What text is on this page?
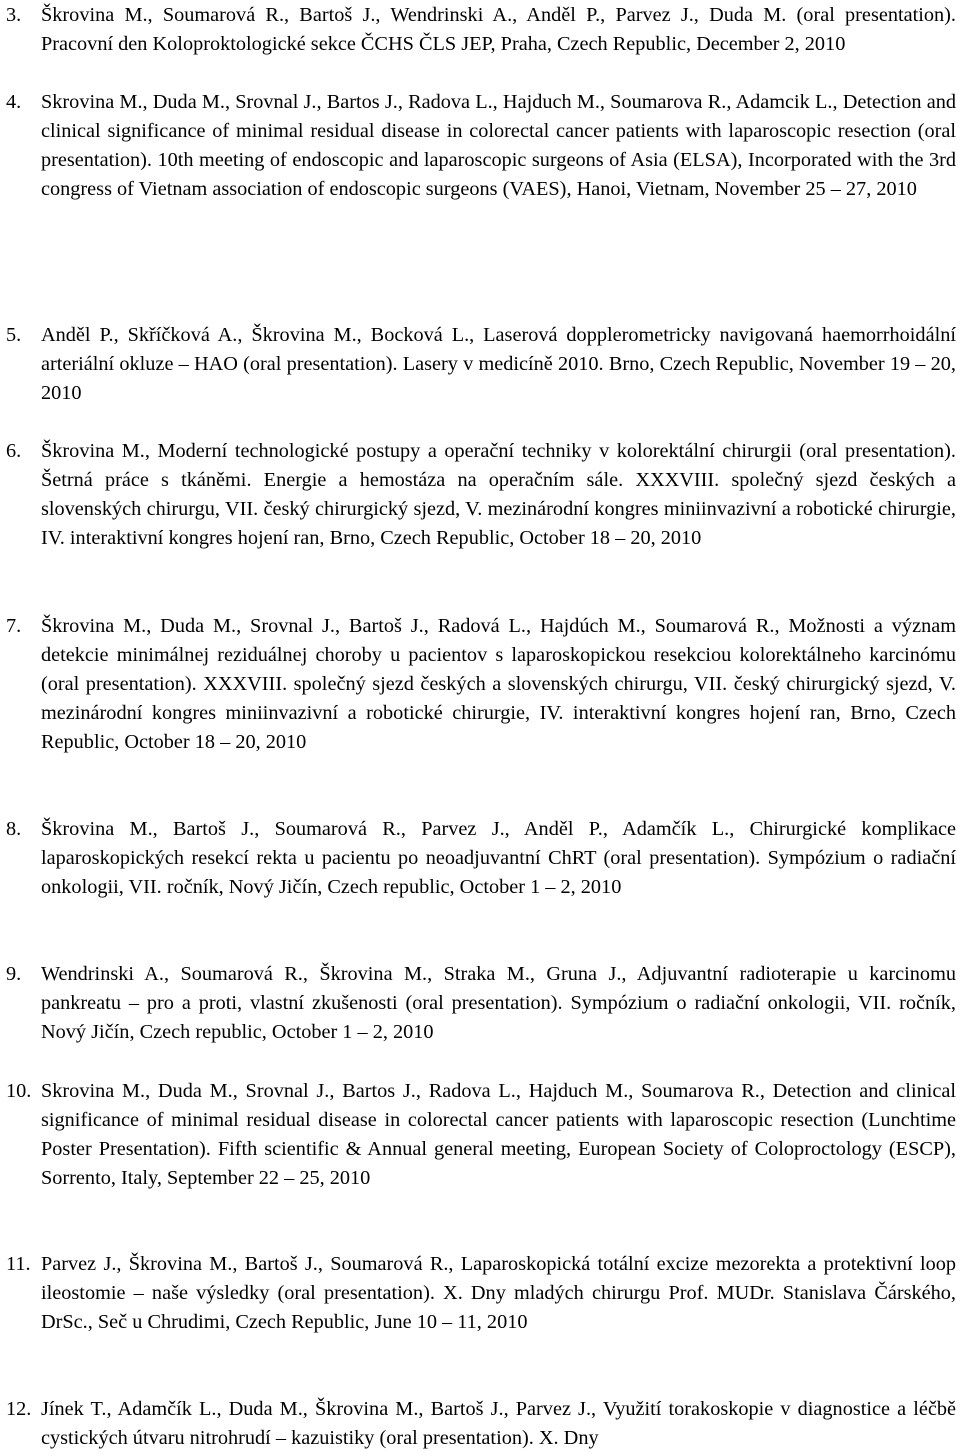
3. Škrovina M., Soumarová R., Bartoš J., Wendrinski A., Anděl P., Parvez J., Duda M. (oral presentation). Pracovní den Koloproktologické sekce ČCHS ČLS JEP, Praha, Czech Republic, December 2, 2010
4. Skrovina M., Duda M., Srovnal J., Bartos J., Radova L., Hajduch M., Soumarova R., Adamcik L., Detection and clinical significance of minimal residual disease in colorectal cancer patients with laparoscopic resection (oral presentation). 10th meeting of endoscopic and laparoscopic surgeons of Asia (ELSA), Incorporated with the 3rd congress of Vietnam association of endoscopic surgeons (VAES), Hanoi, Vietnam, November 25 – 27, 2010
5. Anděl P., Skříčková A., Škrovina M., Bocková L., Laserová dopplerometricky navigovaná haemorrhoidální arteriální okluze – HAO (oral presentation). Lasery v medicíně 2010. Brno, Czech Republic, November 19 – 20, 2010
6. Škrovina M., Moderní technologické postupy a operační techniky v kolorektální chirurgii (oral presentation). Šetrná práce s tkáněmi. Energie a hemostáza na operačním sále. XXXVIII. společný sjezd českých a slovenských chirurgu, VII. český chirurgický sjezd, V. mezinárodní kongres miniinvazivní a robotické chirurgie, IV. interaktivní kongres hojení ran, Brno, Czech Republic, October 18 – 20, 2010
7. Škrovina M., Duda M., Srovnal J., Bartoš J., Radová L., Hajdúch M., Soumarová R., Možnosti a význam detekcie minimálnej reziduálnej choroby u pacientov s laparoskopickou resekciou kolorektálneho karcinómu (oral presentation). XXXVIII. společný sjezd českých a slovenských chirurgu, VII. český chirurgický sjezd, V. mezinárodní kongres miniinvazivní a robotické chirurgie, IV. interaktivní kongres hojení ran, Brno, Czech Republic, October 18 – 20, 2010
8. Škrovina M., Bartoš J., Soumarová R., Parvez J., Anděl P., Adamčík L., Chirurgické komplikace laparoskopických resekcí rekta u pacientu po neoadjuvantní ChRT (oral presentation). Sympózium o radiační onkologii, VII. ročník, Nový Jičín, Czech republic, October 1 – 2, 2010
9. Wendrinski A., Soumarová R., Škrovina M., Straka M., Gruna J., Adjuvantní radioterapie u karcinomu pankreatu – pro a proti, vlastní zkušenosti (oral presentation). Sympózium o radiační onkologii, VII. ročník, Nový Jičín, Czech republic, October 1 – 2, 2010
10. Skrovina M., Duda M., Srovnal J., Bartos J., Radova L., Hajduch M., Soumarova R., Detection and clinical significance of minimal residual disease in colorectal cancer patients with laparoscopic resection (Lunchtime Poster Presentation). Fifth scientific & Annual general meeting, European Society of Coloproctology (ESCP), Sorrento, Italy, September 22 – 25, 2010
11. Parvez J., Škrovina M., Bartoš J., Soumarová R., Laparoskopická totální excize mezorekta a protektivní loop ileostomie – naše výsledky (oral presentation). X. Dny mladých chirurgu Prof. MUDr. Stanislava Čárského, DrSc., Seč u Chrudimi, Czech Republic, June 10 – 11, 2010
12. Jínek T., Adamčík L., Duda M., Škrovina M., Bartoš J., Parvez J., Využití torakoskopie v diagnostice a léčbě cystických útvaru nitrohrudí – kazuistiky (oral presentation). X. Dny
